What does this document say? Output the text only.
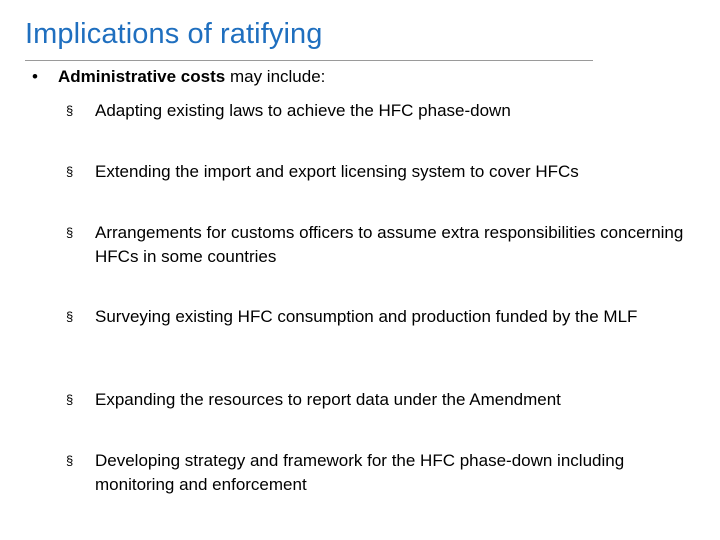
Implications of ratifying
• Administrative costs may include:
§	Adapting existing laws to achieve the HFC phase-down
§	Extending the import and export licensing system to cover HFCs
§	Arrangements for customs officers to assume extra responsibilities concerning HFCs in some countries
§	Surveying existing HFC consumption and production funded by the MLF
§	Expanding the resources to report data under the Amendment
§	Developing strategy and framework for the HFC phase-down including monitoring and enforcement
